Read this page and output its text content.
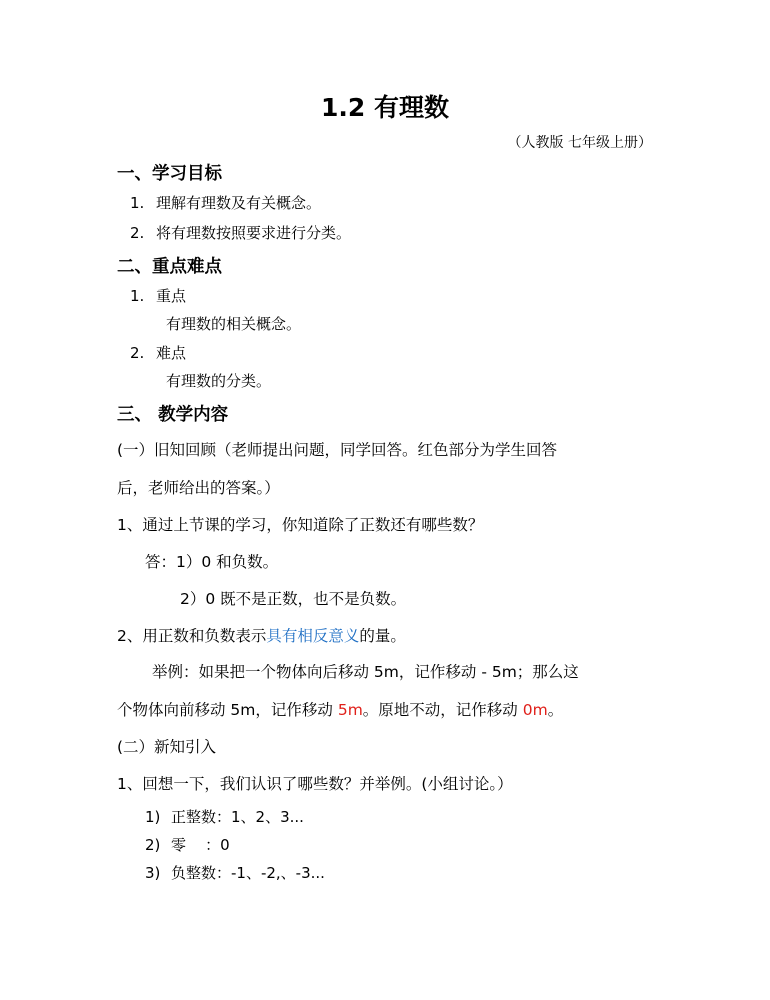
1.2 有理数
（人教版 七年级上册）
一、学习目标
1. 理解有理数及有关概念。
2. 将有理数按照要求进行分类。
二、重点难点
1. 重点
有理数的相关概念。
2. 难点
有理数的分类。
三、 教学内容
(一）旧知回顾（老师提出问题，同学回答。红色部分为学生回答
后，老师给出的答案。）
1、通过上节课的学习，你知道除了正数还有哪些数？
答：1）0 和负数。
2）0 既不是正数，也不是负数。
2、用正数和负数表示具有相反意义的量。
举例：如果把一个物体向后移动 5m，记作移动 - 5m；那么这
个物体向前移动 5m，记作移动 5m。原地不动，记作移动 0m。
(二）新知引入
1、回想一下，我们认识了哪些数？并举例。(小组讨论。）
1) 正整数：1、2、3...
2) 零    ：0
3) 负整数：-1、-2,、-3...
